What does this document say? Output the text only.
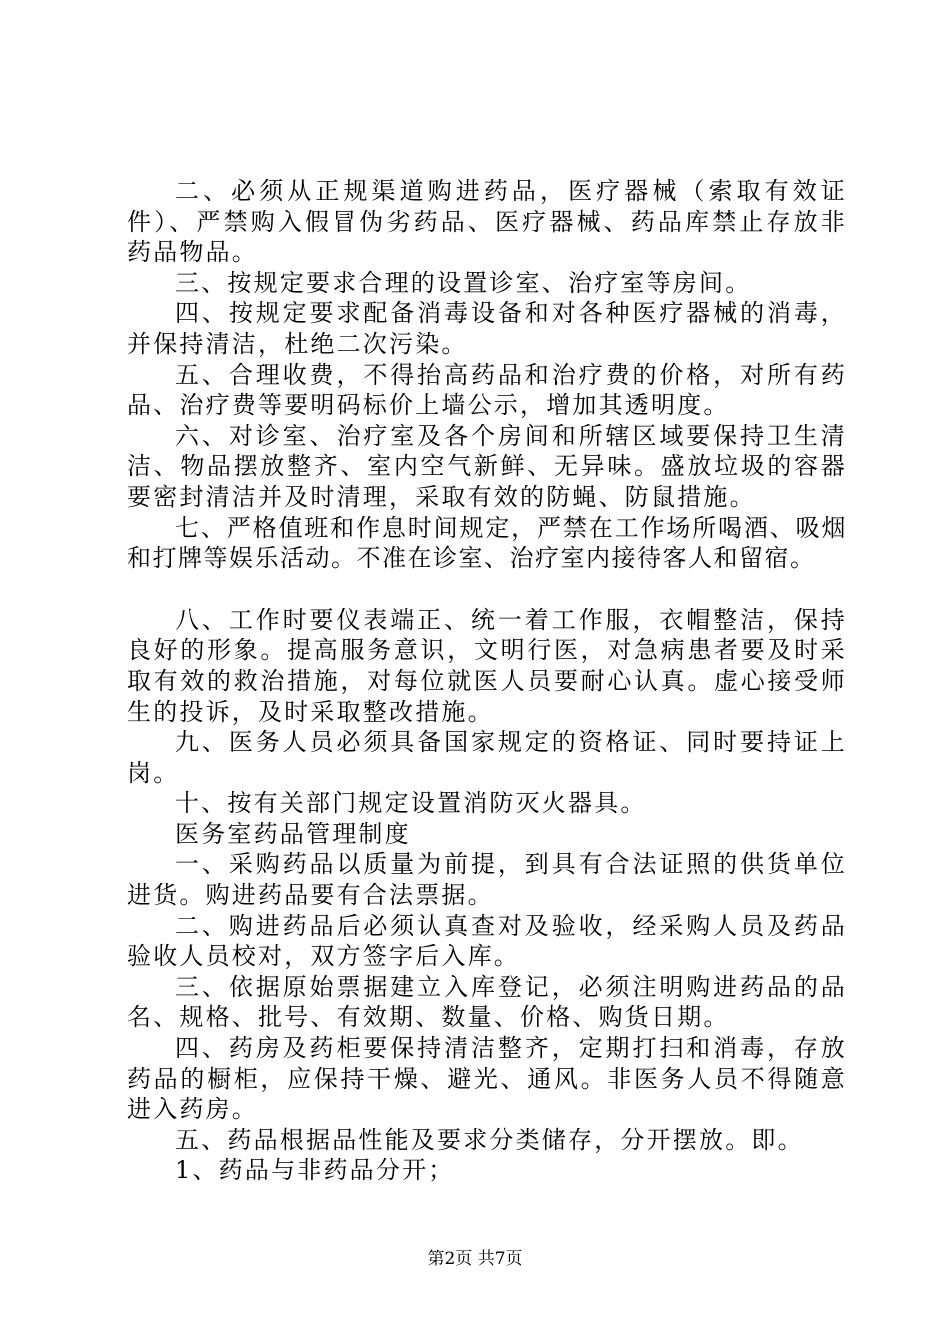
二、必须从正规渠道购进药品，医疗器械（索取有效证件）、严禁购入假冒伪劣药品、医疗器械、药品库禁止存放非药品物品。

三、按规定要求合理的设置诊室、治疗室等房间。

四、按规定要求配备消毒设备和对各种医疗器械的消毒，并保持清洁，杜绝二次污染。

五、合理收费，不得抬高药品和治疗费的价格，对所有药品、治疗费等要明码标价上墙公示，增加其透明度。

六、对诊室、治疗室及各个房间和所辖区域要保持卫生清洁、物品摆放整齐、室内空气新鲜、无异味。盛放垃圾的容器要密封清洁并及时清理，采取有效的防蝇、防鼠措施。

七、严格值班和作息时间规定，严禁在工作场所喝酒、吸烟和打牌等娱乐活动。不准在诊室、治疗室内接待客人和留宿。

八、工作时要仪表端正、统一着工作服，衣帽整洁，保持良好的形象。提高服务意识，文明行医，对急病患者要及时采取有效的救治措施，对每位就医人员要耐心认真。虚心接受师生的投诉，及时采取整改措施。

九、医务人员必须具备国家规定的资格证、同时要持证上岗。

十、按有关部门规定设置消防灭火器具。

医务室药品管理制度

一、采购药品以质量为前提，到具有合法证照的供货单位进货。购进药品要有合法票据。

二、购进药品后必须认真查对及验收，经采购人员及药品验收人员校对，双方签字后入库。

三、依据原始票据建立入库登记，必须注明购进药品的品名、规格、批号、有效期、数量、价格、购货日期。

四、药房及药柜要保持清洁整齐，定期打扫和消毒，存放药品的橱柜，应保持干燥、避光、通风。非医务人员不得随意进入药房。

五、药品根据品性能及要求分类储存，分开摆放。即。

1、药品与非药品分开；

第2页 共7页
